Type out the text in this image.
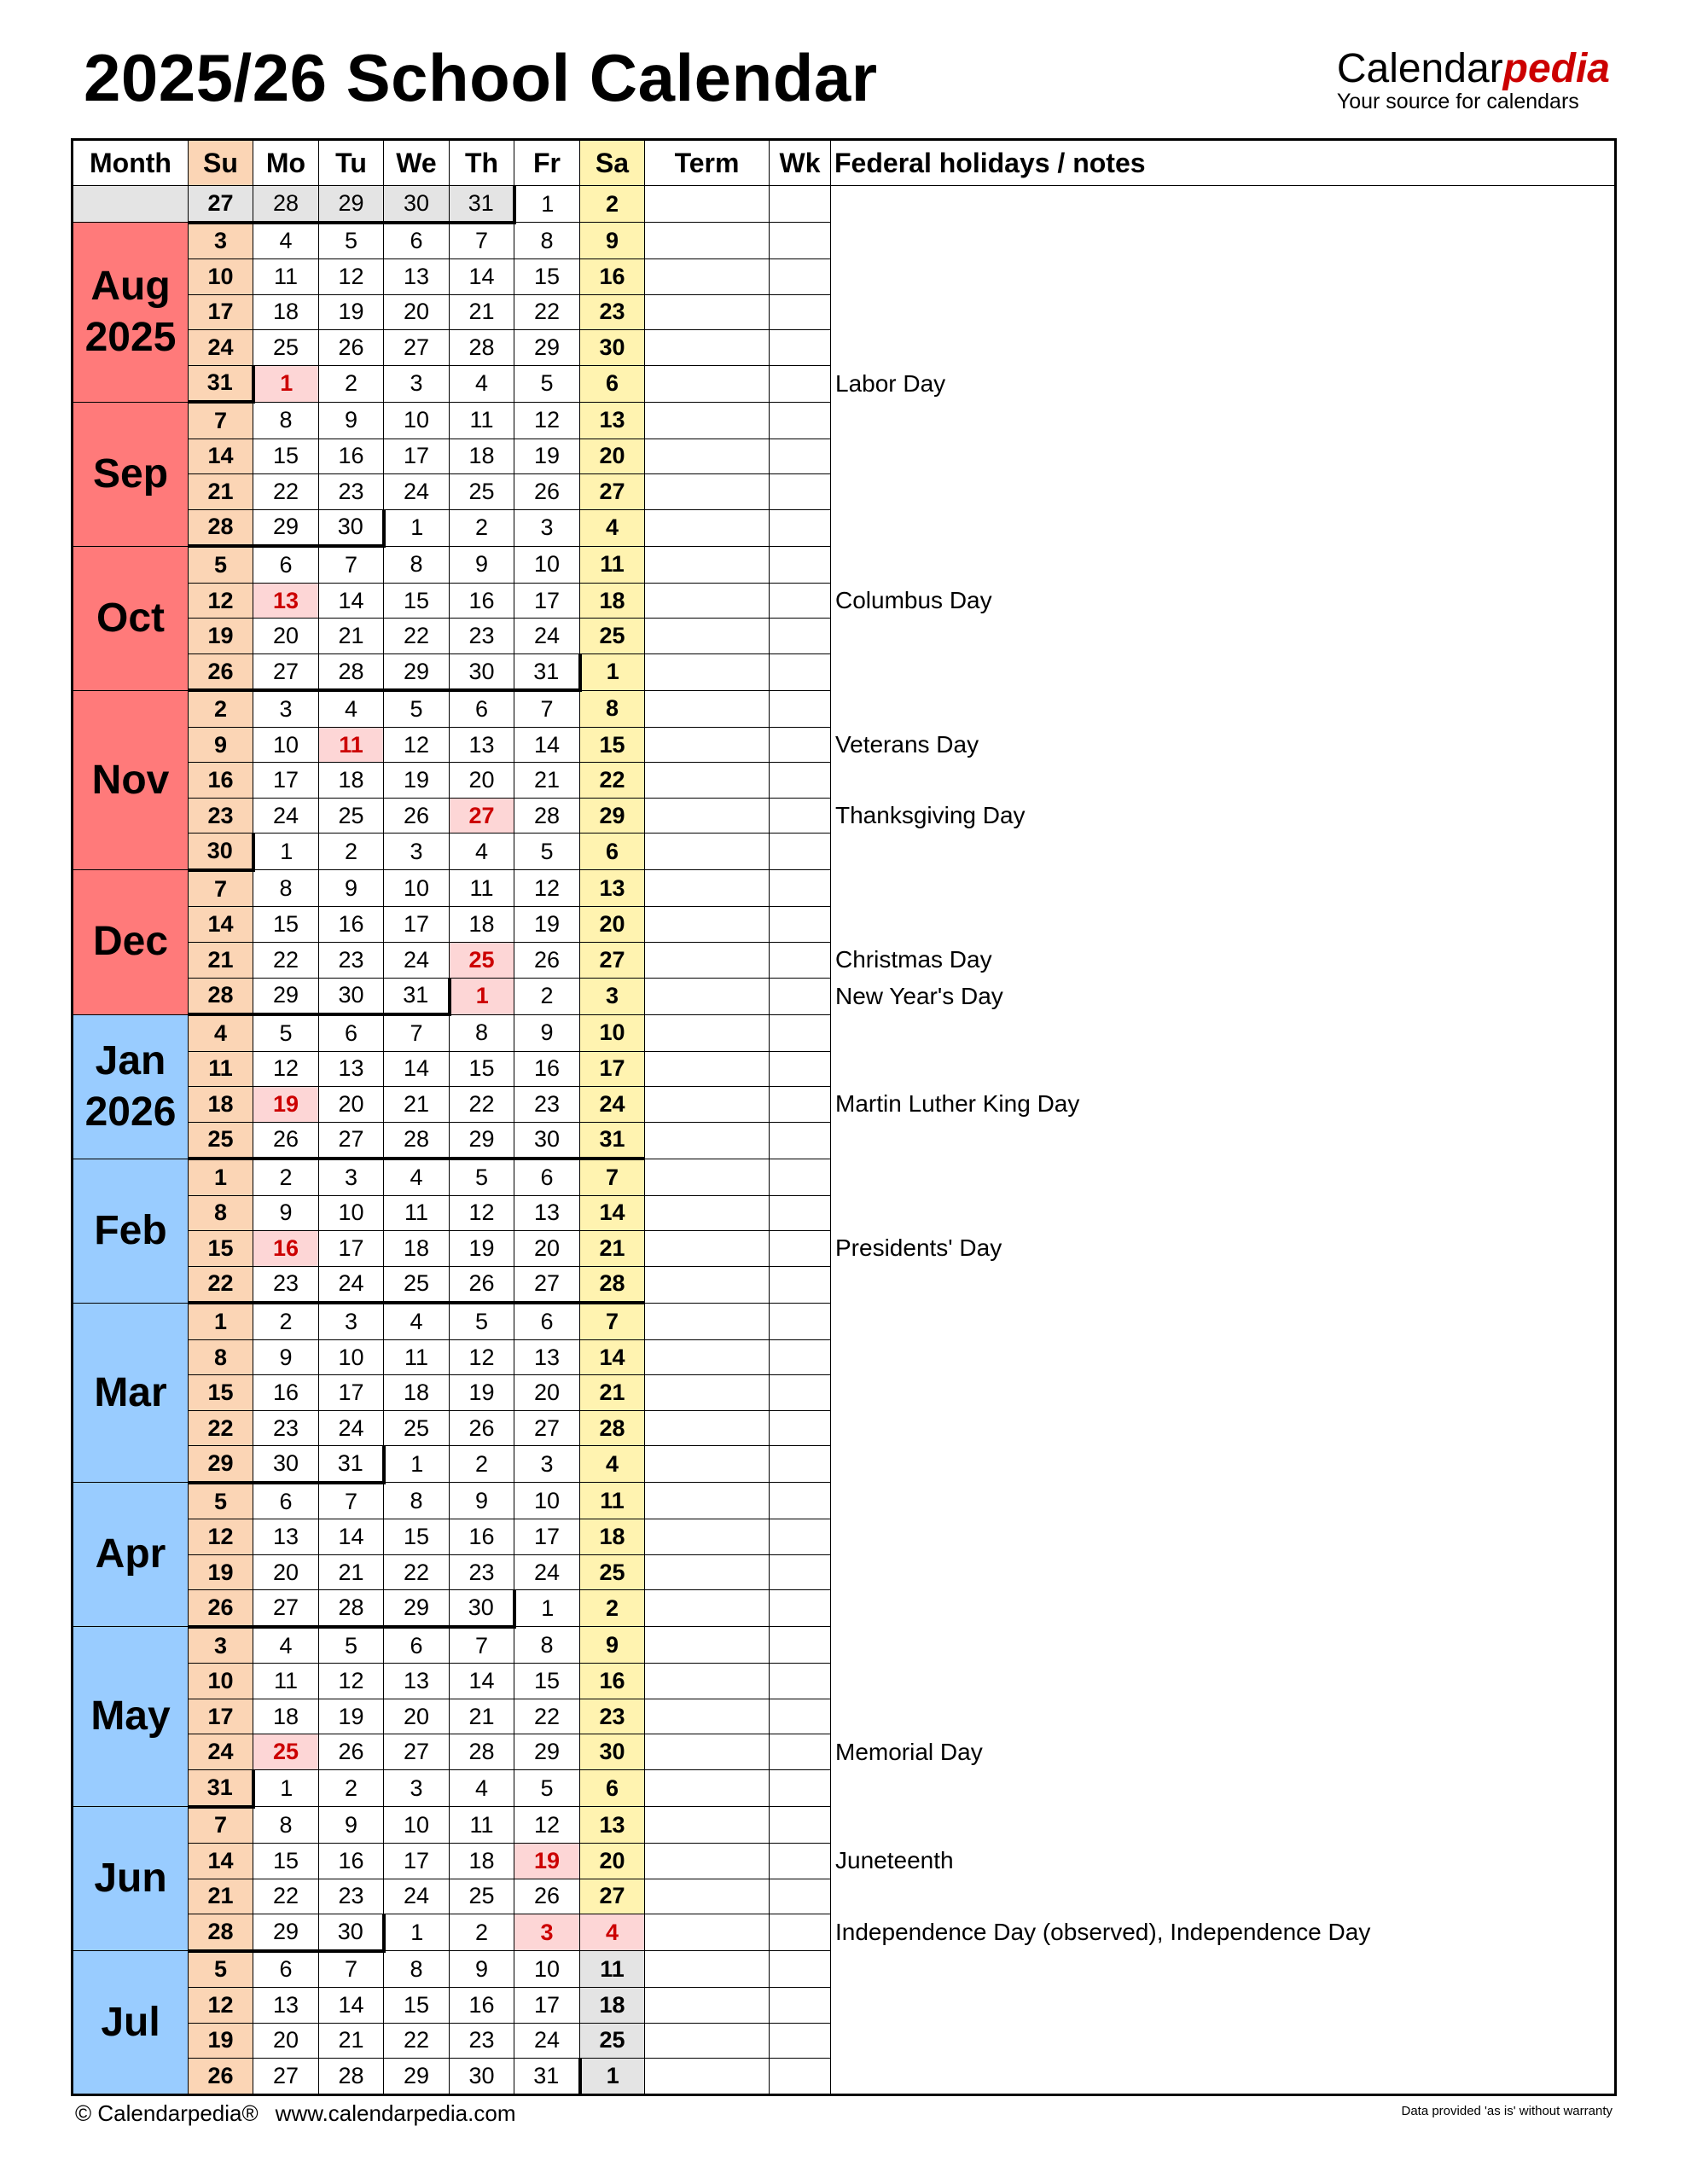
2025/26 School Calendar	Calendarpedia
Your source for calendars
Month	Su	Mo	Tu	We	Th	Fr	Sa	Term	Wk	Federal holidays / notes
	27	28	29	30	31	1	2			
Aug 2025	3	4	5	6	7	8	9			
	10	11	12	13	14	15	16			
	17	18	19	20	21	22	23			
	24	25	26	27	28	29	30			
	31	1	2	3	4	5	6			Labor Day
Sep	7	8	9	10	11	12	13			
	14	15	16	17	18	19	20			
	21	22	23	24	25	26	27			
	28	29	30	1	2	3	4			
Oct	5	6	7	8	9	10	11			
	12	13	14	15	16	17	18			Columbus Day
	19	20	21	22	23	24	25			
	26	27	28	29	30	31	1			
Nov	2	3	4	5	6	7	8			
	9	10	11	12	13	14	15			Veterans Day
	16	17	18	19	20	21	22			
	23	24	25	26	27	28	29			Thanksgiving Day
	30	1	2	3	4	5	6			
Dec	7	8	9	10	11	12	13			
	14	15	16	17	18	19	20			
	21	22	23	24	25	26	27			Christmas Day
	28	29	30	31	1	2	3			New Year's Day
Jan 2026	4	5	6	7	8	9	10			
	11	12	13	14	15	16	17			
	18	19	20	21	22	23	24			Martin Luther King Day
	25	26	27	28	29	30	31			
Feb	1	2	3	4	5	6	7			
	8	9	10	11	12	13	14			
	15	16	17	18	19	20	21			Presidents' Day
	22	23	24	25	26	27	28			
Mar	1	2	3	4	5	6	7			
	8	9	10	11	12	13	14			
	15	16	17	18	19	20	21			
	22	23	24	25	26	27	28			
	29	30	31	1	2	3	4			
Apr	5	6	7	8	9	10	11			
	12	13	14	15	16	17	18			
	19	20	21	22	23	24	25			
	26	27	28	29	30	1	2			
May	3	4	5	6	7	8	9			
	10	11	12	13	14	15	16			
	17	18	19	20	21	22	23			
	24	25	26	27	28	29	30			Memorial Day
	31	1	2	3	4	5	6			
Jun	7	8	9	10	11	12	13			
	14	15	16	17	18	19	20			Juneteenth
	21	22	23	24	25	26	27			
	28	29	30	1	2	3	4			Independence Day (observed), Independence Day
Jul	5	6	7	8	9	10	11			
	12	13	14	15	16	17	18			
	19	20	21	22	23	24	25			
	26	27	28	29	30	31	1			
© Calendarpedia® www.calendarpedia.com	Data provided 'as is' without warranty
